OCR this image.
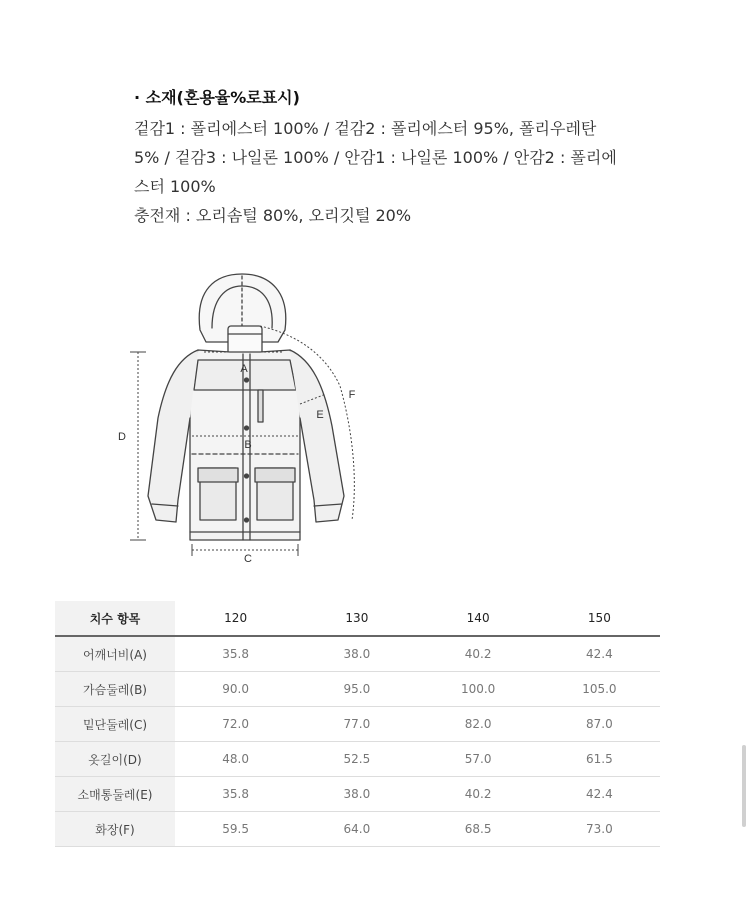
· 소재(혼용율%로표시)
겉감1 : 폴리에스터 100% / 겉감2 : 폴리에스터 95%, 폴리우레탄
5% / 겉감3 : 나일론 100% / 안감1 : 나일론 100% / 안감2 : 폴리에
스터 100%
충전재 : 오리솜털 80%, 오리깃털 20%
A
B
C
D
E
F
치수 항목	120	130	140	150
어깨너비(A)	35.8	38.0	40.2	42.4
가슴둘레(B)	90.0	95.0	100.0	105.0
밑단둘레(C)	72.0	77.0	82.0	87.0
옷길이(D)	48.0	52.5	57.0	61.5
소매통둘레(E)	35.8	38.0	40.2	42.4
화장(F)	59.5	64.0	68.5	73.0
